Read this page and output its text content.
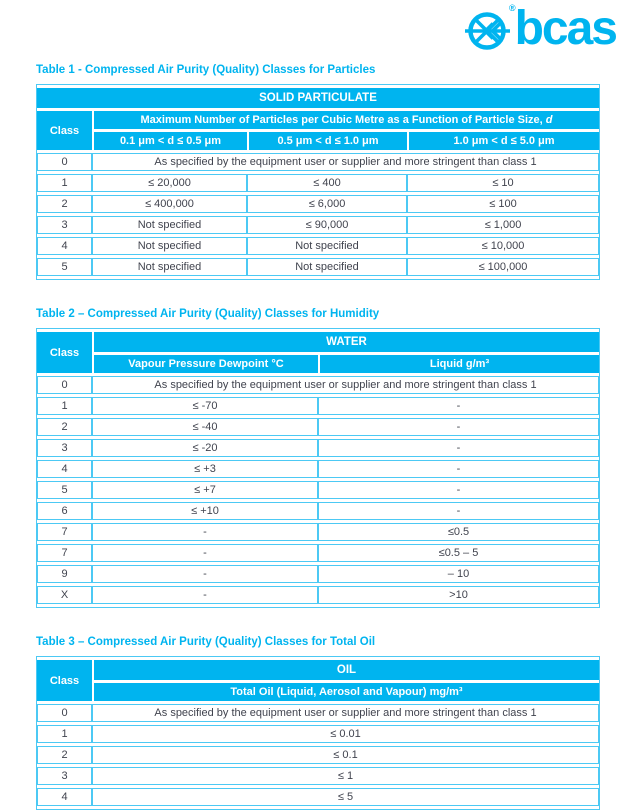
® bcas
Table 1 - Compressed Air Purity (Quality) Classes for Particles
SOLID PARTICULATE			
Class	Maximum Number of Particles per Cubic Metre as a Function of Particle Size, d		
	0.1 μm < d ≤ 0.5 μm	0.5 μm < d ≤ 1.0 μm	1.0 μm < d ≤ 5.0 μm
0	As specified by the equipment user or supplier and more stringent than class 1		
1	≤ 20,000	≤ 400	≤ 10
2	≤ 400,000	≤ 6,000	≤ 100
3	Not specified	≤ 90,000	≤ 1,000
4	Not specified	Not specified	≤ 10,000
5	Not specified	Not specified	≤ 100,000
Table 2 – Compressed Air Purity (Quality) Classes for Humidity
Class	WATER	
	Vapour Pressure Dewpoint °C	Liquid g/m³
0	As specified by the equipment user or supplier and more stringent than class 1	
1	≤ -70	-
2	≤ -40	-
3	≤ -20	-
4	≤ +3	-
5	≤ +7	-
6	≤ +10	-
7	-	≤0.5
7	-	≤0.5 – 5
9	-	– 10
X	-	>10
Table 3 – Compressed Air Purity (Quality) Classes for Total Oil
Class	OIL
	Total Oil (Liquid, Aerosol and Vapour) mg/m³
0	As specified by the equipment user or supplier and more stringent than class 1
1	≤ 0.01
2	≤ 0.1
3	≤ 1
4	≤ 5
